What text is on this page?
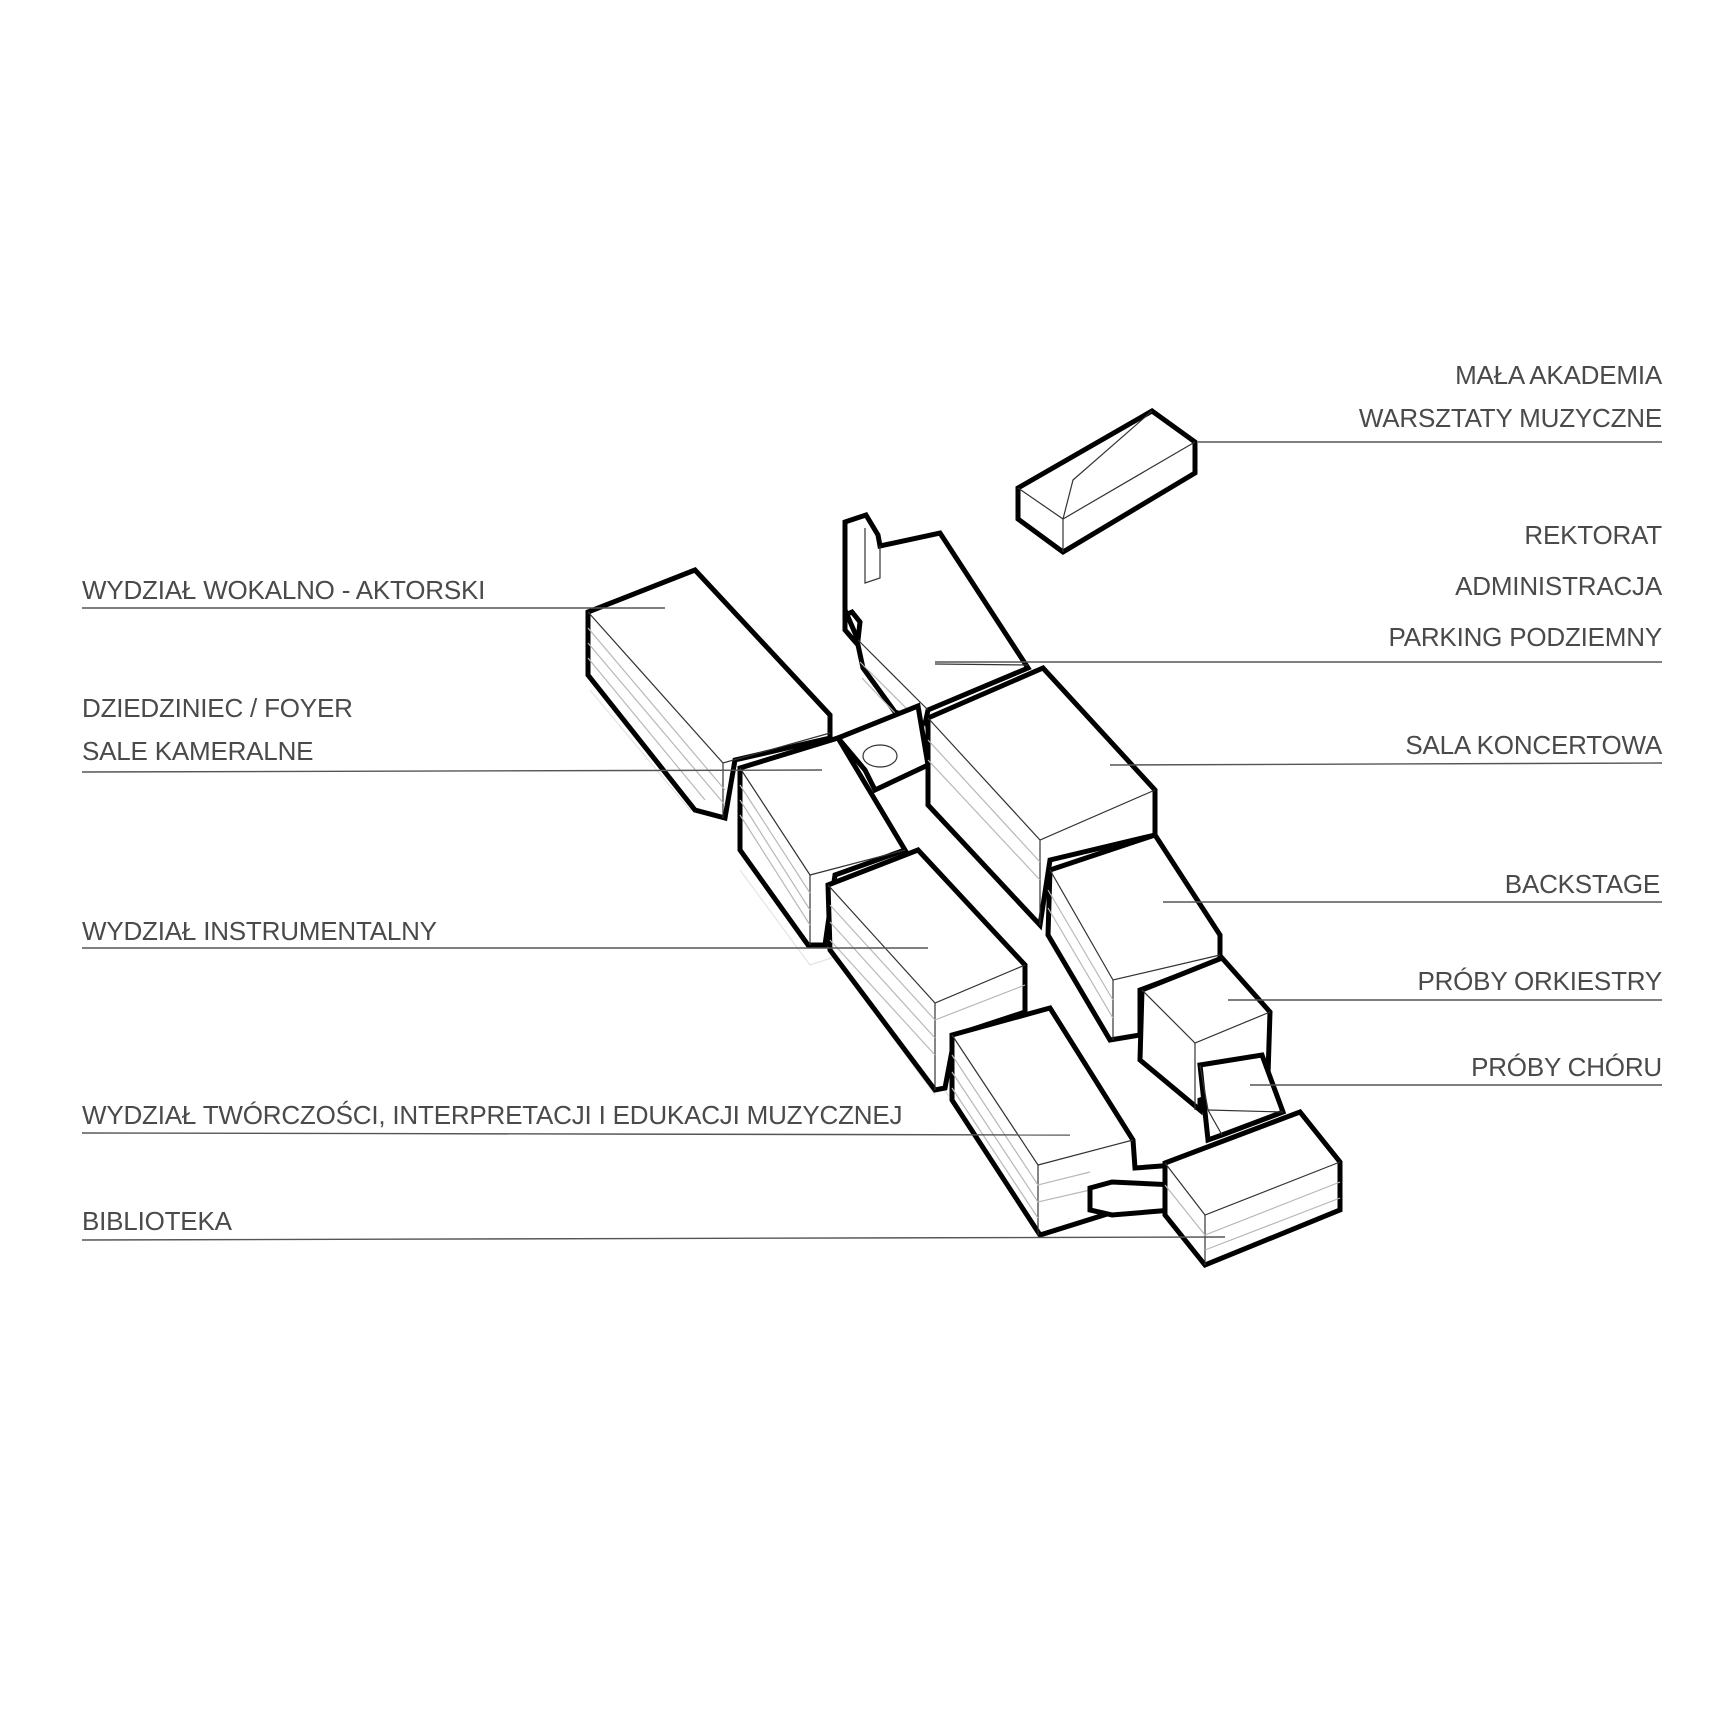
MAŁA AKADEMIA
WARSZTATY MUZYCZNE
REKTORAT
ADMINISTRACJA
PARKING PODZIEMNY
SALA KONCERTOWA
BACKSTAGE
PRÓBY ORKIESTRY
PRÓBY CHÓRU
WYDZIAŁ WOKALNO - AKTORSKI
DZIEDZINIEC / FOYER
SALE KAMERALNE
WYDZIAŁ INSTRUMENTALNY
WYDZIAŁ TWÓRCZOŚCI, INTERPRETACJI I EDUKACJI MUZYCZNEJ
BIBLIOTEKA
